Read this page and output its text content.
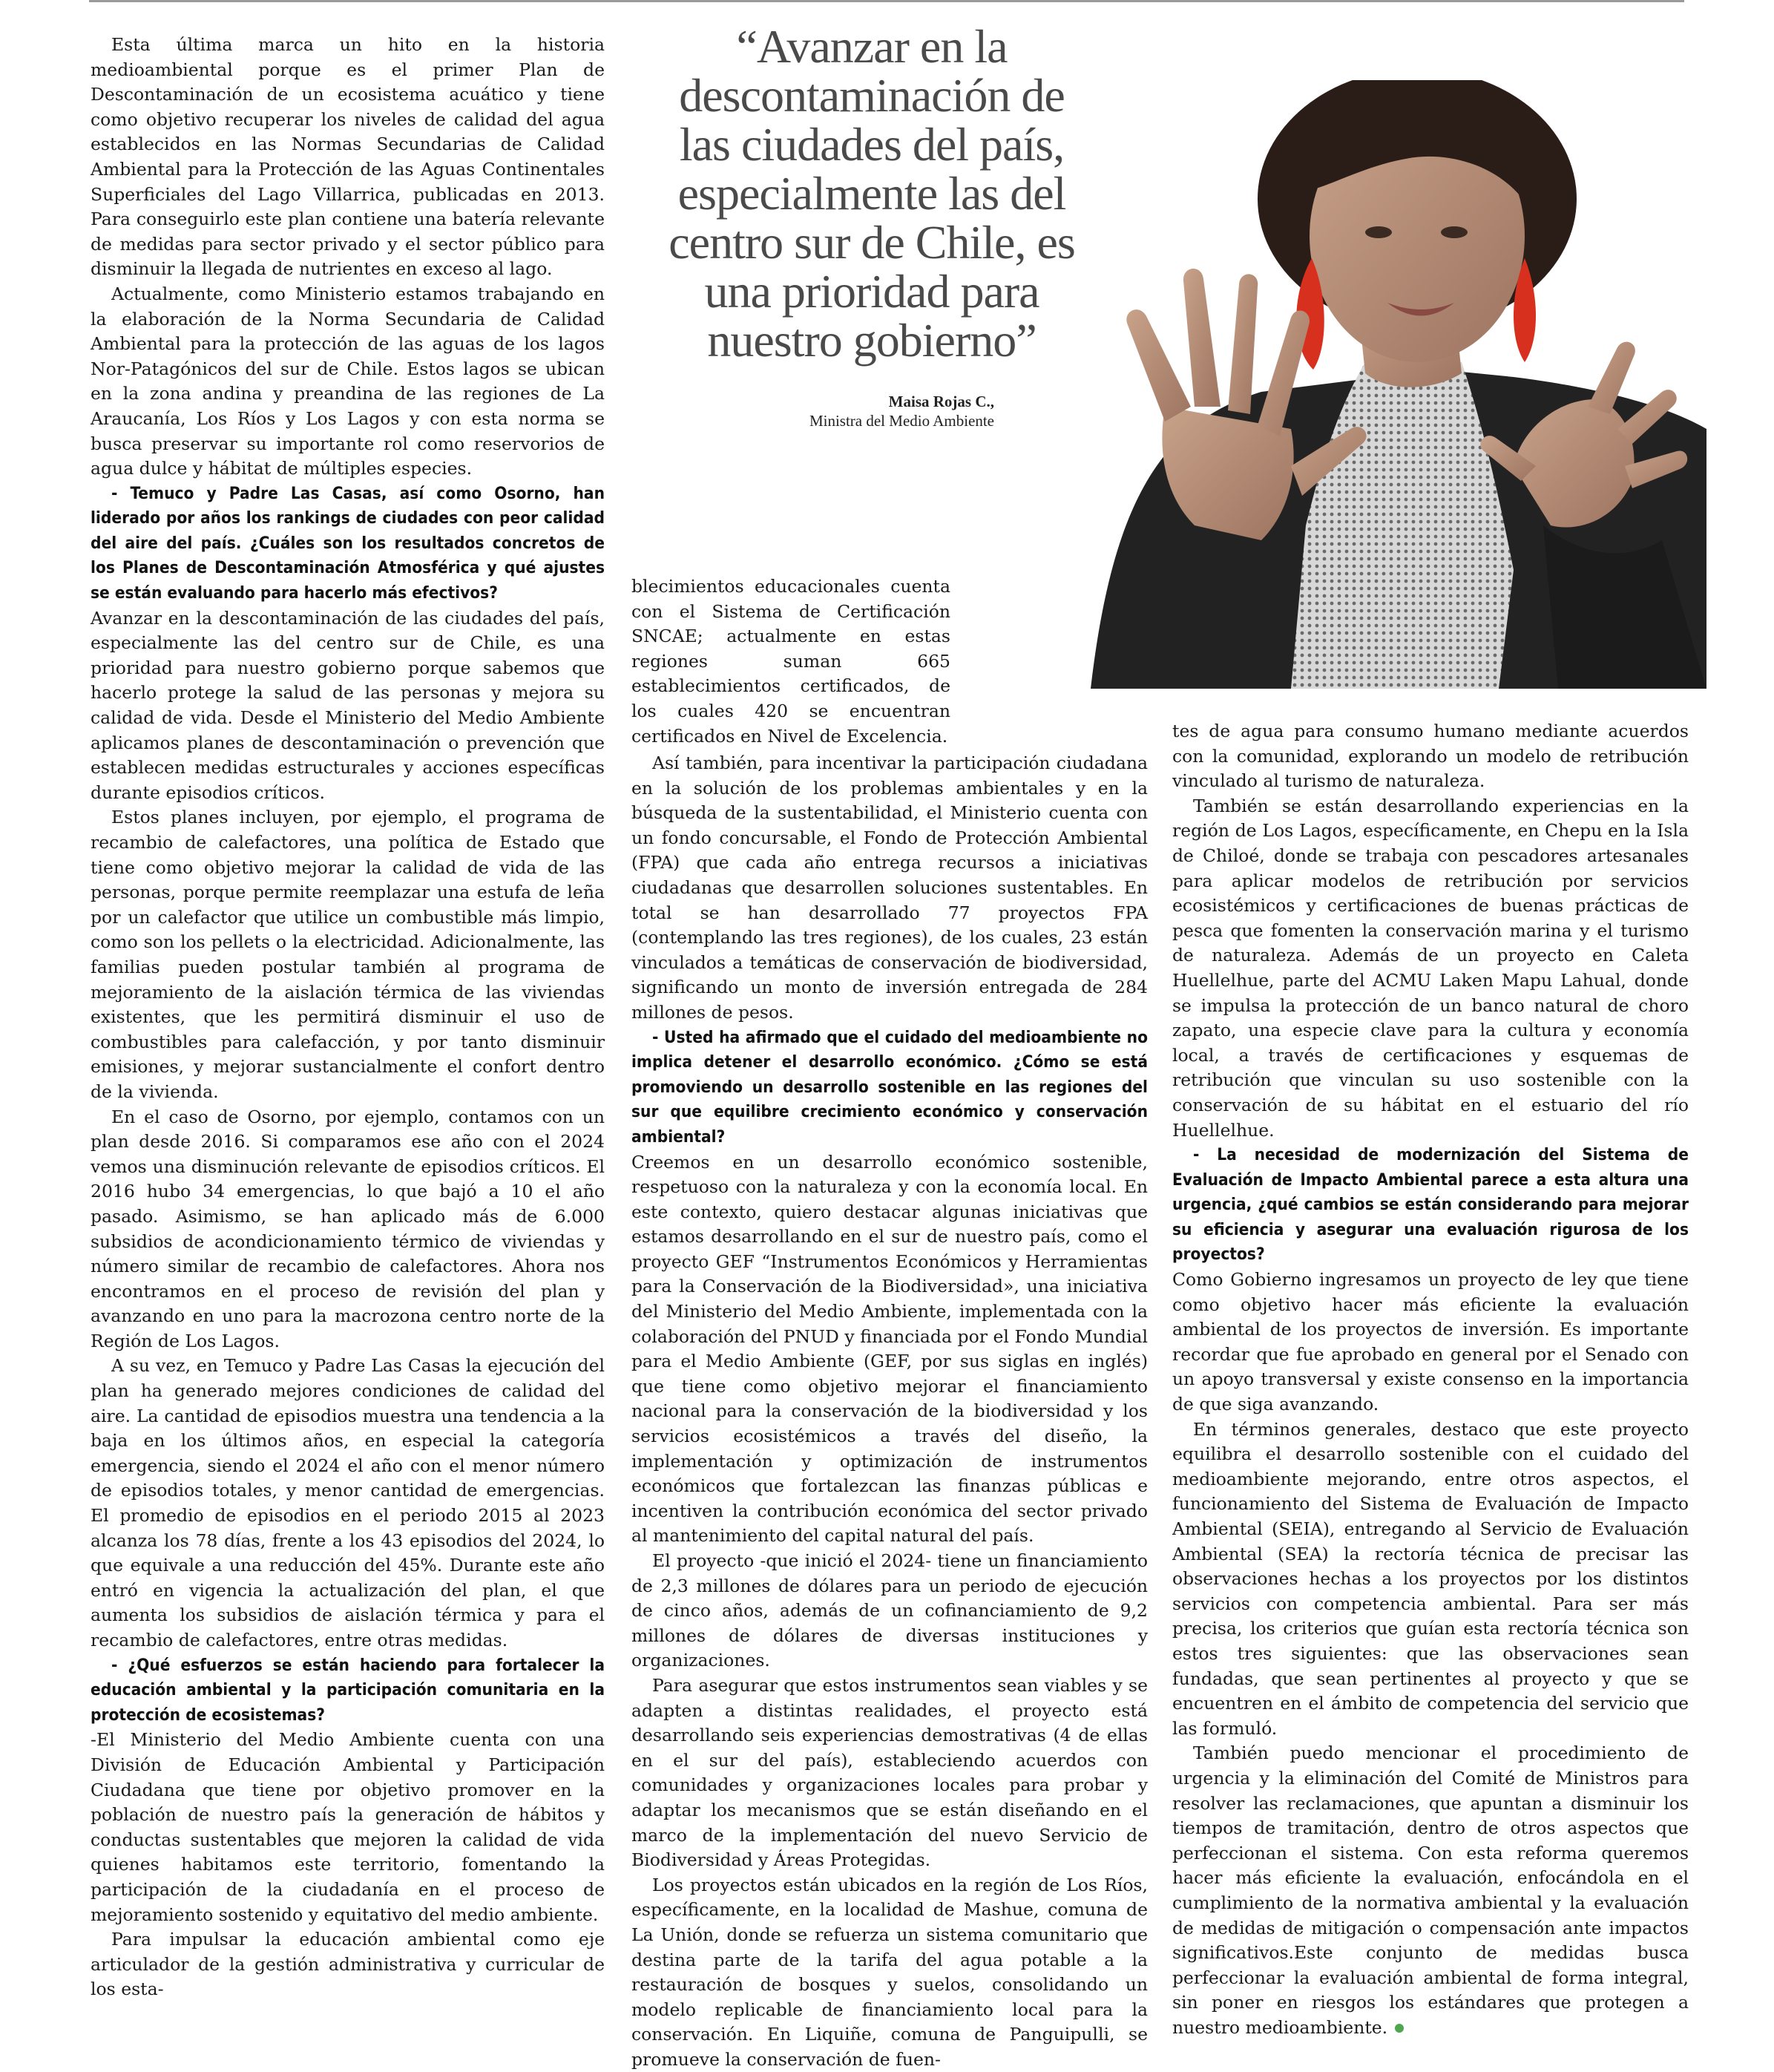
Esta última marca un hito en la historia medioambiental porque es el primer Plan de Descontaminación de un ecosistema acuático y tiene como objetivo recuperar los niveles de calidad del agua establecidos en las Normas Secundarias de Calidad Ambiental para la Protección de las Aguas Continentales Superficiales del Lago Villarrica, publicadas en 2013. Para conseguirlo este plan contiene una batería relevante de medidas para sector privado y el sector público para disminuir la llegada de nutrientes en exceso al lago.

Actualmente, como Ministerio estamos trabajando en la elaboración de la Norma Secundaria de Calidad Ambiental para la protección de las aguas de los lagos Nor-Patagónicos del sur de Chile. Estos lagos se ubican en la zona andina y preandina de las regiones de La Araucanía, Los Ríos y Los Lagos y con esta norma se busca preservar su importante rol como reservorios de agua dulce y hábitat de múltiples especies.

- Temuco y Padre Las Casas, así como Osorno, han liderado por años los rankings de ciudades con peor calidad del aire del país. ¿Cuáles son los resultados concretos de los Planes de Descontaminación Atmosférica y qué ajustes se están evaluando para hacerlo más efectivos?

Avanzar en la descontaminación de las ciudades del país, especialmente las del centro sur de Chile, es una prioridad para nuestro gobierno porque sabemos que hacerlo protege la salud de las personas y mejora su calidad de vida. Desde el Ministerio del Medio Ambiente aplicamos planes de descontaminación o prevención que establecen medidas estructurales y acciones específicas durante episodios críticos.

Estos planes incluyen, por ejemplo, el programa de recambio de calefactores, una política de Estado que tiene como objetivo mejorar la calidad de vida de las personas, porque permite reemplazar una estufa de leña por un calefactor que utilice un combustible más limpio, como son los pellets o la electricidad. Adicionalmente, las familias pueden postular también al programa de mejoramiento de la aislación térmica de las viviendas existentes, que les permitirá disminuir el uso de combustibles para calefacción, y por tanto disminuir emisiones, y mejorar sustancialmente el confort dentro de la vivienda.

En el caso de Osorno, por ejemplo, contamos con un plan desde 2016. Si comparamos ese año con el 2024 vemos una disminución relevante de episodios críticos. El 2016 hubo 34 emergencias, lo que bajó a 10 el año pasado. Asimismo, se han aplicado más de 6.000 subsidios de acondicionamiento térmico de viviendas y número similar de recambio de calefactores. Ahora nos encontramos en el proceso de revisión del plan y avanzando en uno para la macrozona centro norte de la Región de Los Lagos.

A su vez, en Temuco y Padre Las Casas la ejecución del plan ha generado mejores condiciones de calidad del aire. La cantidad de episodios muestra una tendencia a la baja en los últimos años, en especial la categoría emergencia, siendo el 2024 el año con el menor número de episodios totales, y menor cantidad de emergencias. El promedio de episodios en el periodo 2015 al 2023 alcanza los 78 días, frente a los 43 episodios del 2024, lo que equivale a una reducción del 45%. Durante este año entró en vigencia la actualización del plan, el que aumenta los subsidios de aislación térmica y para el recambio de calefactores, entre otras medidas.

- ¿Qué esfuerzos se están haciendo para fortalecer la educación ambiental y la participación comunitaria en la protección de ecosistemas?

-El Ministerio del Medio Ambiente cuenta con una División de Educación Ambiental y Participación Ciudadana que tiene por objetivo promover en la población de nuestro país la generación de hábitos y conductas sustentables que mejoren la calidad de vida quienes habitamos este territorio, fomentando la participación de la ciudadanía en el proceso de mejoramiento sostenido y equitativo del medio ambiente.

Para impulsar la educación ambiental como eje articulador de la gestión administrativa y curricular de los esta-

“Avanzar en la
descontaminación de
las ciudades del país,
especialmente las del
centro sur de Chile, es
una prioridad para
nuestro gobierno”
Maisa Rojas C.,
Ministra del Medio Ambiente

blecimientos educacionales cuenta con el Sistema de Certificación SNCAE; actualmente en estas regiones suman 665 establecimientos certificados, de los cuales 420 se encuentran certificados en Nivel de Excelencia.

Así también, para incentivar la participación ciudadana en la solución de los problemas ambientales y en la búsqueda de la sustentabilidad, el Ministerio cuenta con un fondo concursable, el Fondo de Protección Ambiental (FPA) que cada año entrega recursos a iniciativas ciudadanas que desarrollen soluciones sustentables. En total se han desarrollado 77 proyectos FPA (contemplando las tres regiones), de los cuales, 23 están vinculados a temáticas de conservación de biodiversidad, significando un monto de inversión entregada de 284 millones de pesos.

- Usted ha afirmado que el cuidado del medioambiente no implica detener el desarrollo económico. ¿Cómo se está promoviendo un desarrollo sostenible en las regiones del sur que equilibre crecimiento económico y conservación ambiental?

Creemos en un desarrollo económico sostenible, respetuoso con la naturaleza y con la economía local. En este contexto, quiero destacar algunas iniciativas que estamos desarrollando en el sur de nuestro país, como el proyecto GEF “Instrumentos Económicos y Herramientas para la Conservación de la Biodiversidad», una iniciativa del Ministerio del Medio Ambiente, implementada con la colaboración del PNUD y financiada por el Fondo Mundial para el Medio Ambiente (GEF, por sus siglas en inglés) que tiene como objetivo mejorar el financiamiento nacional para la conservación de la biodiversidad y los servicios ecosistémicos a través del diseño, la implementación y optimización de instrumentos económicos que fortalezcan las finanzas públicas e incentiven la contribución económica del sector privado al mantenimiento del capital natural del país.

El proyecto -que inició el 2024- tiene un financiamiento de 2,3 millones de dólares para un periodo de ejecución de cinco años, además de un cofinanciamiento de 9,2 millones de dólares de diversas instituciones y organizaciones.

Para asegurar que estos instrumentos sean viables y se adapten a distintas realidades, el proyecto está desarrollando seis experiencias demostrativas (4 de ellas en el sur del país), estableciendo acuerdos con comunidades y organizaciones locales para probar y adaptar los mecanismos que se están diseñando en el marco de la implementación del nuevo Servicio de Biodiversidad y Áreas Protegidas.

Los proyectos están ubicados en la región de Los Ríos, específicamente, en la localidad de Mashue, comuna de La Unión, donde se refuerza un sistema comunitario que destina parte de la tarifa del agua potable a la restauración de bosques y suelos, consolidando un modelo replicable de financiamiento local para la conservación. En Liquiñe, comuna de Panguipulli, se promueve la conservación de fuen-

tes de agua para consumo humano mediante acuerdos con la comunidad, explorando un modelo de retribución vinculado al turismo de naturaleza.

También se están desarrollando experiencias en la región de Los Lagos, específicamente, en Chepu en la Isla de Chiloé, donde se trabaja con pescadores artesanales para aplicar modelos de retribución por servicios ecosistémicos y certificaciones de buenas prácticas de pesca que fomenten la conservación marina y el turismo de naturaleza. Además de un proyecto en Caleta Huellelhue, parte del ACMU Laken Mapu Lahual, donde se impulsa la protección de un banco natural de choro zapato, una especie clave para la cultura y economía local, a través de certificaciones y esquemas de retribución que vinculan su uso sostenible con la conservación de su hábitat en el estuario del río Huellelhue.

- La necesidad de modernización del Sistema de Evaluación de Impacto Ambiental parece a esta altura una urgencia, ¿qué cambios se están considerando para mejorar su eficiencia y asegurar una evaluación rigurosa de los proyectos?

Como Gobierno ingresamos un proyecto de ley que tiene como objetivo hacer más eficiente la evaluación ambiental de los proyectos de inversión. Es importante recordar que fue aprobado en general por el Senado con un apoyo transversal y existe consenso en la importancia de que siga avanzando.

En términos generales, destaco que este proyecto equilibra el desarrollo sostenible con el cuidado del medioambiente mejorando, entre otros aspectos, el funcionamiento del Sistema de Evaluación de Impacto Ambiental (SEIA), entregando al Servicio de Evaluación Ambiental (SEA) la rectoría técnica de precisar las observaciones hechas a los proyectos por los distintos servicios con competencia ambiental. Para ser más precisa, los criterios que guían esta rectoría técnica son estos tres siguientes: que las observaciones sean fundadas, que sean pertinentes al proyecto y que se encuentren en el ámbito de competencia del servicio que las formuló.

También puedo mencionar el procedimiento de urgencia y la eliminación del Comité de Ministros para resolver las reclamaciones, que apuntan a disminuir los tiempos de tramitación, dentro de otros aspectos que perfeccionan el sistema. Con esta reforma queremos hacer más eficiente la evaluación, enfocándola en el cumplimiento de la normativa ambiental y la evaluación de medidas de mitigación o compensación ante impactos significativos.Este conjunto de medidas busca perfeccionar la evaluación ambiental de forma integral, sin poner en riesgos los estándares que protegen a nuestro medioambiente.
